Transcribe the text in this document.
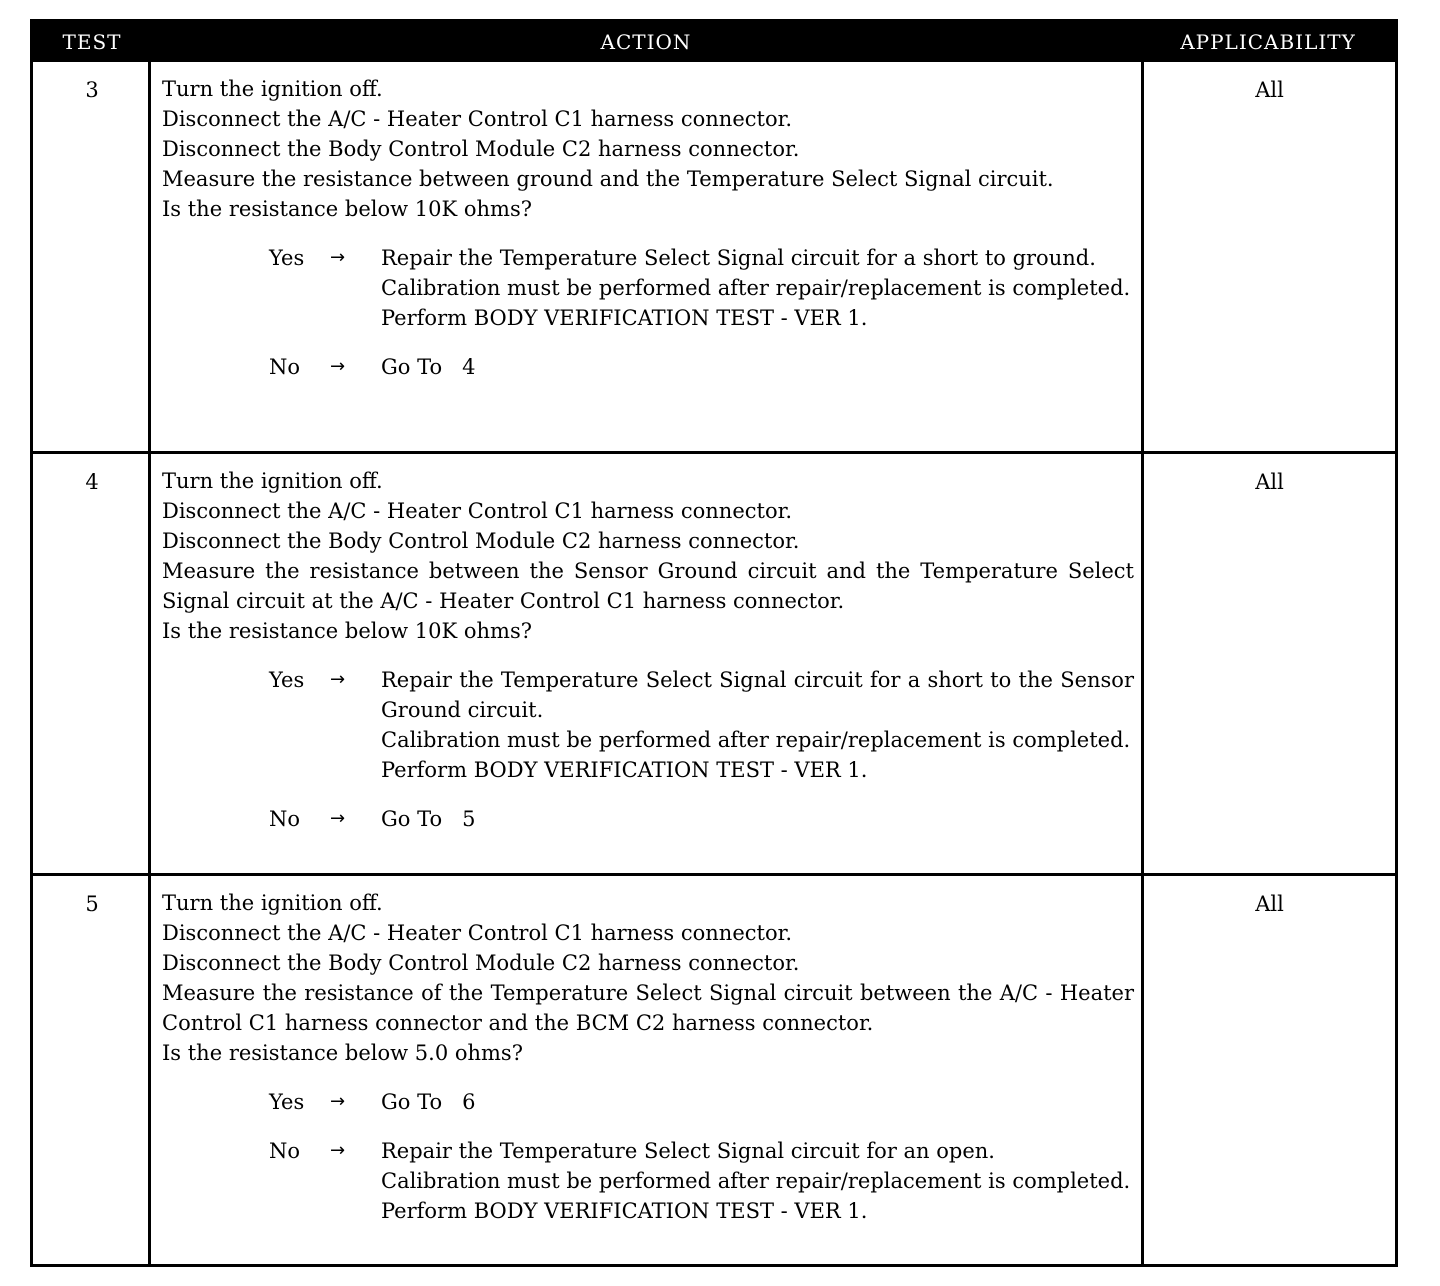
TEST	ACTION	APPLICABILITY
3	Turn the ignition off.
Disconnect the A/C - Heater Control C1 harness connector.
Disconnect the Body Control Module C2 harness connector.
Measure the resistance between ground and the Temperature Select Signal circuit.
Is the resistance below 10K ohms?
Yes → Repair the Temperature Select Signal circuit for a short to ground.
Calibration must be performed after repair/replacement is completed.
Perform BODY VERIFICATION TEST - VER 1.
No → Go To 4
All
4	Turn the ignition off.
Disconnect the A/C - Heater Control C1 harness connector.
Disconnect the Body Control Module C2 harness connector.
Measure the resistance between the Sensor Ground circuit and the Temperature Select Signal circuit at the A/C - Heater Control C1 harness connector.
Is the resistance below 10K ohms?
Yes → Repair the Temperature Select Signal circuit for a short to the Sensor Ground circuit.
Calibration must be performed after repair/replacement is completed.
Perform BODY VERIFICATION TEST - VER 1.
No → Go To 5
All
5	Turn the ignition off.
Disconnect the A/C - Heater Control C1 harness connector.
Disconnect the Body Control Module C2 harness connector.
Measure the resistance of the Temperature Select Signal circuit between the A/C - Heater Control C1 harness connector and the BCM C2 harness connector.
Is the resistance below 5.0 ohms?
Yes → Go To 6
No → Repair the Temperature Select Signal circuit for an open.
Calibration must be performed after repair/replacement is completed.
Perform BODY VERIFICATION TEST - VER 1.
All
